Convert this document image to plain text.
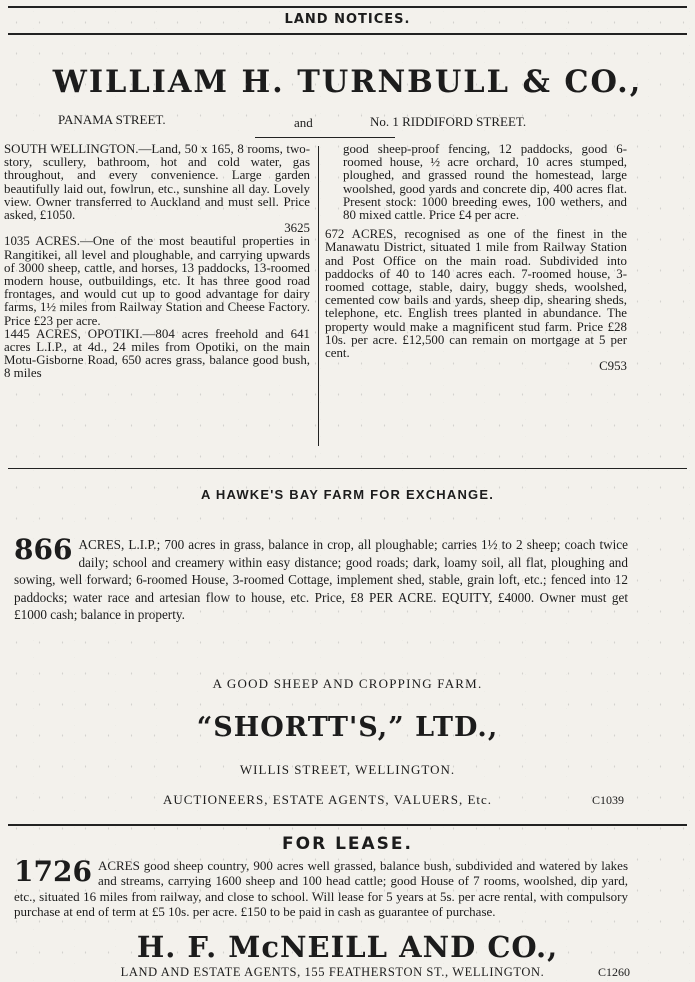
LAND NOTICES.
WILLIAM H. TURNBULL & CO.,
PANAMA STREET.	and	No. 1 RIDDIFORD STREET.

SOUTH WELLINGTON.—Land, 50 x 165, 8 rooms, two-story, scullery, bathroom, hot and cold water, gas throughout, and every convenience. Large garden beautifully laid out, fowlrun, etc., sunshine all day. Lovely view. Owner transferred to Auckland and must sell. Price asked, £1050.

3625

1035 ACRES.—One of the most beautiful properties in Rangitikei, all level and ploughable, and carrying upwards of 3000 sheep, cattle, and horses, 13 paddocks, 13-roomed modern house, outbuildings, etc. It has three good road frontages, and would cut up to good advantage for dairy farms, 1½ miles from Railway Station and Cheese Factory. Price £23 per acre.

1445 ACRES, OPOTIKI.—804 acres freehold and 641 acres L.I.P., at 4d., 24 miles from Opotiki, on the main Motu-Gisborne Road, 650 acres grass, balance good bush, 8 miles

good sheep-proof fencing, 12 paddocks, good 6-roomed house, ½ acre orchard, 10 acres stumped, ploughed, and grassed round the homestead, large woolshed, good yards and concrete dip, 400 acres flat. Present stock: 1000 breeding ewes, 100 wethers, and 80 mixed cattle. Price £4 per acre.

672 ACRES, recognised as one of the finest in the Manawatu District, situated 1 mile from Railway Station and Post Office on the main road. Subdivided into paddocks of 40 to 140 acres each. 7-roomed house, 3-roomed cottage, stable, dairy, buggy sheds, woolshed, cemented cow bails and yards, sheep dip, shearing sheds, telephone, etc. English trees planted in abundance. The property would make a magnificent stud farm. Price £28 10s. per acre. £12,500 can remain on mortgage at 5 per cent.

C953
A HAWKE'S BAY FARM FOR EXCHANGE.
866 ACRES, L.I.P.; 700 acres in grass, balance in crop, all ploughable; carries 1½ to 2 sheep; coach twice daily; school and creamery within easy distance; good roads; dark, loamy soil, all flat, ploughing and sowing, well forward; 6-roomed House, 3-roomed Cottage, implement shed, stable, grain loft, etc.; fenced into 12 paddocks; water race and artesian flow to house, etc. Price, £8 PER ACRE. EQUITY, £4000. Owner must get £1000 cash; balance in property.
A GOOD SHEEP AND CROPPING FARM.
“SHORTT'S,” LTD.,
WILLIS STREET, WELLINGTON.
AUCTIONEERS, ESTATE AGENTS, VALUERS, Etc.	C1039
FOR LEASE.
1726 ACRES good sheep country, 900 acres well grassed, balance bush, subdivided and watered by lakes and streams, carrying 1600 sheep and 100 head cattle; good House of 7 rooms, woolshed, dip yard, etc., situated 16 miles from railway, and close to school. Will lease for 5 years at 5s. per acre rental, with compulsory purchase at end of term at £5 10s. per acre. £150 to be paid in cash as guarantee of purchase.
H. F. McNEILL AND CO.,
LAND AND ESTATE AGENTS, 155 FEATHERSTON ST., WELLINGTON.	C1260
